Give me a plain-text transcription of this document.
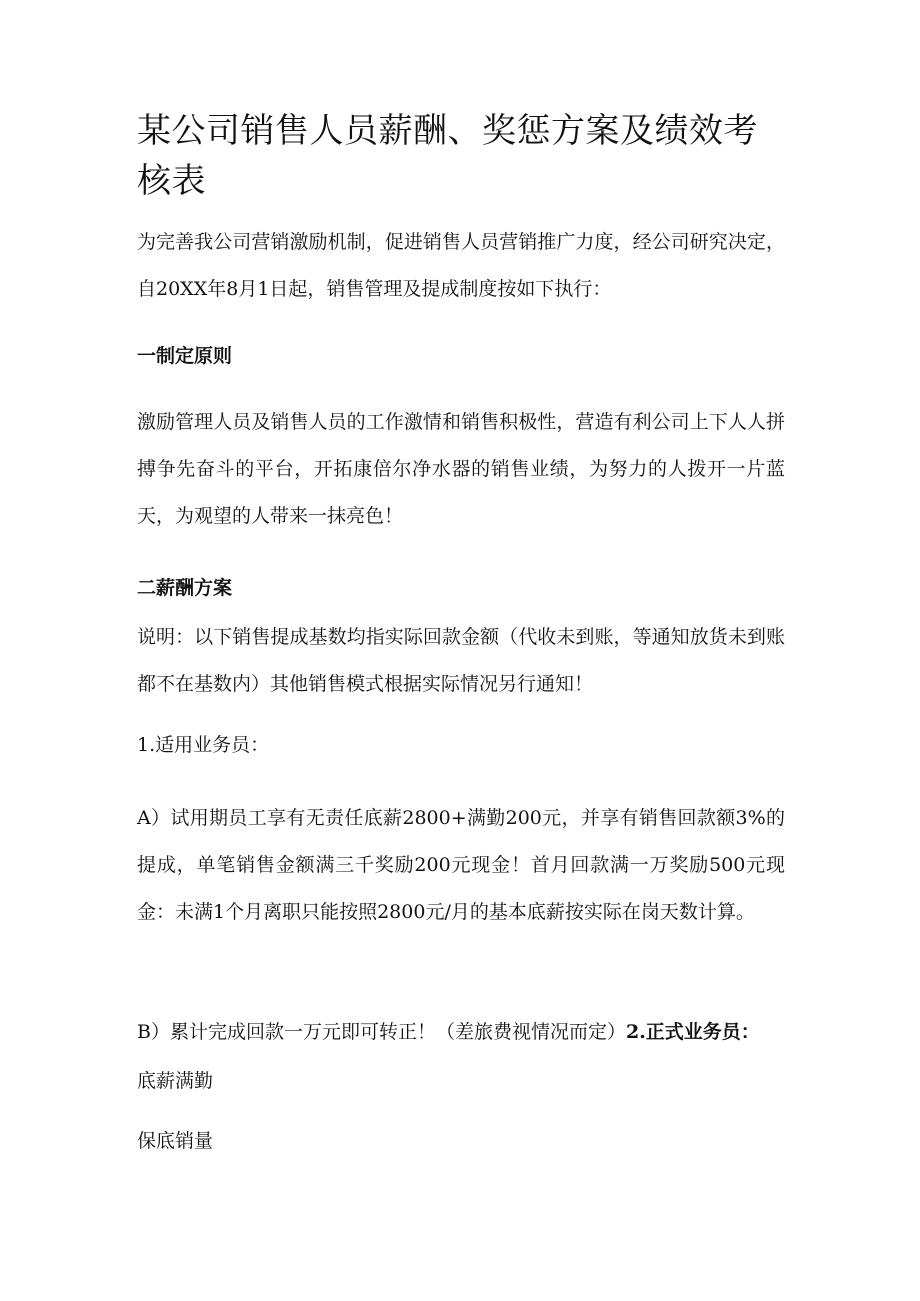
某公司销售人员薪酬、奖惩方案及绩效考核表

为完善我公司营销激励机制，促进销售人员营销推广力度，经公司研究决定，自20XX年8月1日起，销售管理及提成制度按如下执行：

一制定原则

激励管理人员及销售人员的工作激情和销售积极性，营造有利公司上下人人拼搏争先奋斗的平台，开拓康倍尔净水器的销售业绩，为努力的人拨开一片蓝天，为观望的人带来一抹亮色！

二薪酬方案

说明：以下销售提成基数均指实际回款金额（代收未到账，等通知放货未到账都不在基数内）其他销售模式根据实际情况另行通知！

1.适用业务员：

A）试用期员工享有无责任底薪2800+满勤200元，并享有销售回款额3%的提成，单笔销售金额满三千奖励200元现金！首月回款满一万奖励500元现金：未满1个月离职只能按照2800元/月的基本底薪按实际在岗天数计算。

B）累计完成回款一万元即可转正！（差旅费视情况而定）2.正式业务员：

底薪满勤

保底销量
